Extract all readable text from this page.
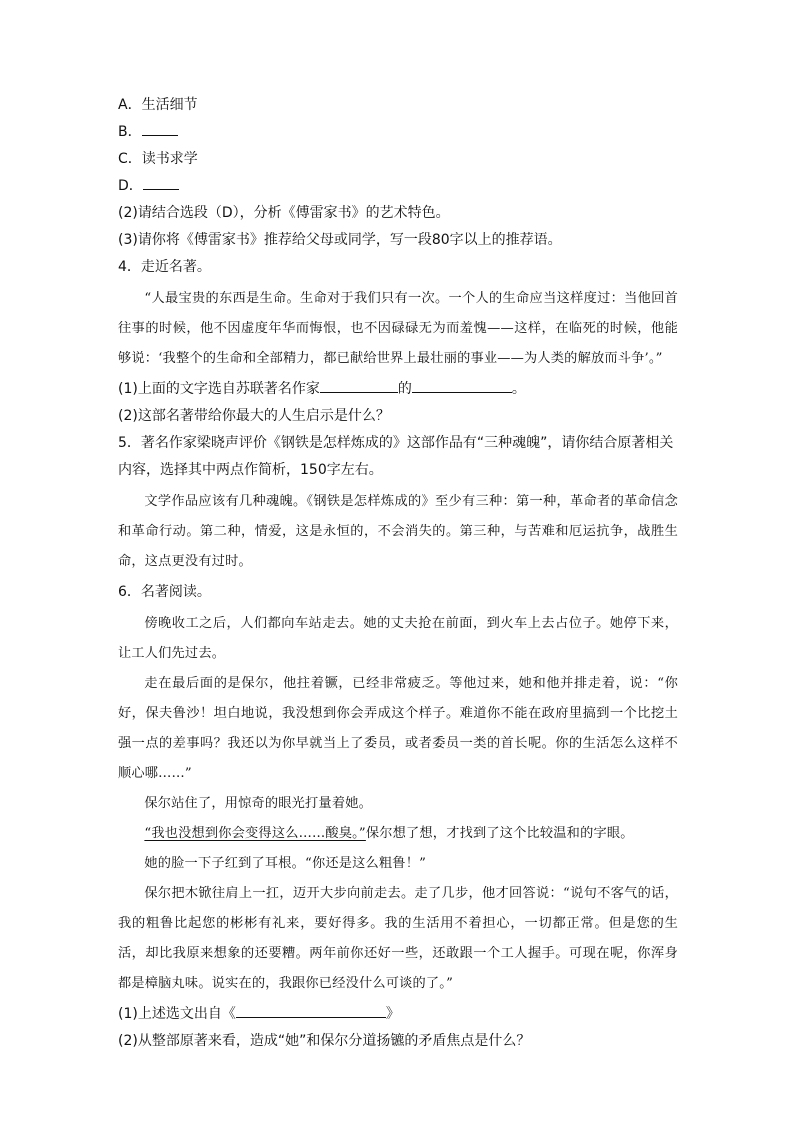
A．生活细节
B．
C．读书求学
D．
(2)请结合选段（D），分析《傅雷家书》的艺术特色。
(3)请你将《傅雷家书》推荐给父母或同学，写一段80字以上的推荐语。
4．走近名著。

“人最宝贵的东西是生命。生命对于我们只有一次。一个人的生命应当这样度过：当他回首往事的时候，他不因虚度年华而悔恨，也不因碌碌无为而羞愧——这样，在临死的时候，他能够说：‘我整个的生命和全部精力，都已献给世界上最壮丽的事业——为人类的解放而斗争’。”

(1)上面的文字选自苏联著名作家	的	。
(2)这部名著带给你最大的人生启示是什么？
5．著名作家梁晓声评价《钢铁是怎样炼成的》这部作品有“三种魂魄”，请你结合原著相关内容，选择其中两点作简析，150字左右。

文学作品应该有几种魂魄。《钢铁是怎样炼成的》至少有三种：第一种，革命者的革命信念和革命行动。第二种，情爱，这是永恒的，不会消失的。第三种，与苦难和厄运抗争，战胜生命，这点更没有过时。

6．名著阅读。

傍晚收工之后，人们都向车站走去。她的丈夫抢在前面，到火车上去占位子。她停下来，让工人们先过去。

走在最后面的是保尔，他拄着镢，已经非常疲乏。等他过来，她和他并排走着，说：“你好，保夫鲁沙！坦白地说，我没想到你会弄成这个样子。难道你不能在政府里搞到一个比挖土强一点的差事吗？我还以为你早就当上了委员，或者委员一类的首长呢。你的生活怎么这样不顺心哪……”

保尔站住了，用惊奇的眼光打量着她。

“我也没想到你会变得这么……酸臭。”保尔想了想，才找到了这个比较温和的字眼。

她的脸一下子红到了耳根。“你还是这么粗鲁！”

保尔把木锨往肩上一扛，迈开大步向前走去。走了几步，他才回答说：“说句不客气的话，我的粗鲁比起您的彬彬有礼来，要好得多。我的生活用不着担心，一切都正常。但是您的生活，却比我原来想象的还要糟。两年前你还好一些，还敢跟一个工人握手。可现在呢，你浑身都是樟脑丸味。说实在的，我跟你已经没什么可谈的了。”

(1)上述选文出自《	》
(2)从整部原著来看，造成“她”和保尔分道扬镳的矛盾焦点是什么？
